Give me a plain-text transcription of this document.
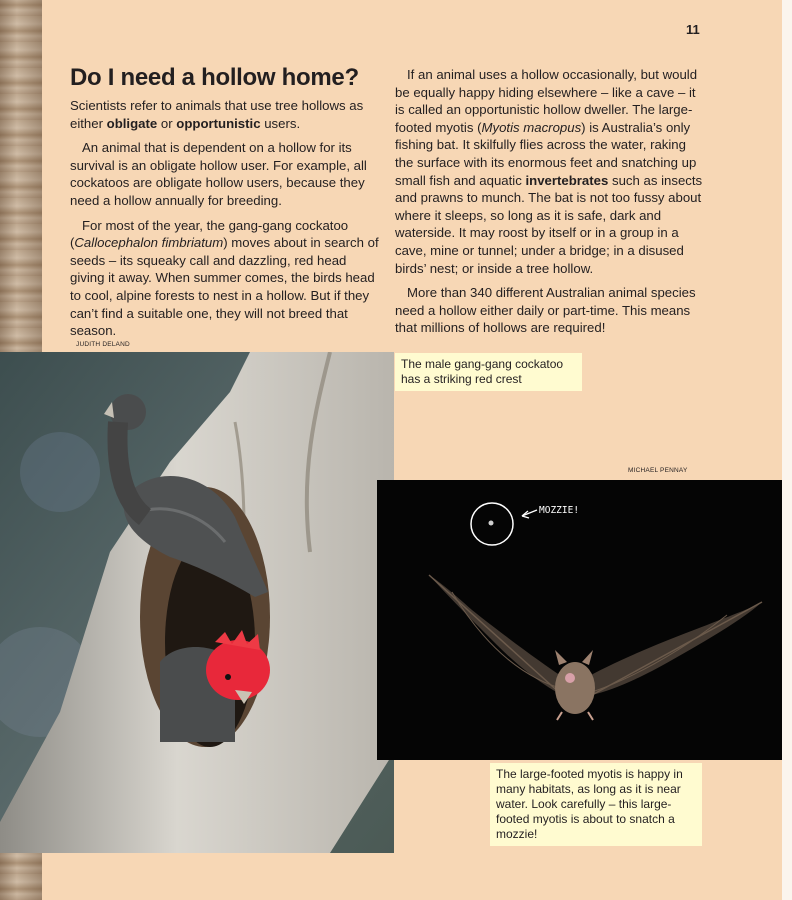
11
Do I need a hollow home?

Scientists refer to animals that use tree hollows as either obligate or opportunistic users.

An animal that is dependent on a hollow for its survival is an obligate hollow user. For example, all cockatoos are obligate hollow users, because they need a hollow annually for breeding.

For most of the year, the gang-gang cockatoo (Callocephalon fimbriatum) moves about in search of seeds – its squeaky call and dazzling, red head giving it away. When summer comes, the birds head to cool, alpine forests to nest in a hollow. But if they can’t find a suitable one, they will not breed that season.

If an animal uses a hollow occasionally, but would be equally happy hiding elsewhere – like a cave – it is called an opportunistic hollow dweller. The large-footed myotis (Myotis macropus) is Australia’s only fishing bat. It skilfully flies across the water, raking the surface with its enormous feet and snatching up small fish and aquatic invertebrates such as insects and prawns to munch. The bat is not too fussy about where it sleeps, so long as it is safe, dark and waterside. It may roost by itself or in a group in a cave, mine or tunnel; under a bridge; in a disused birds’ nest; or inside a tree hollow.

More than 340 different Australian animal species need a hollow either daily or part-time. This means that millions of hollows are required!

JUDITH DELAND
The male gang-gang cockatoo has a striking red crest
MICHAEL PENNAY
MOZZIE!
The large-footed myotis is happy in many habitats, as long as it is near water. Look carefully – this large-footed myotis is about to snatch a mozzie!
